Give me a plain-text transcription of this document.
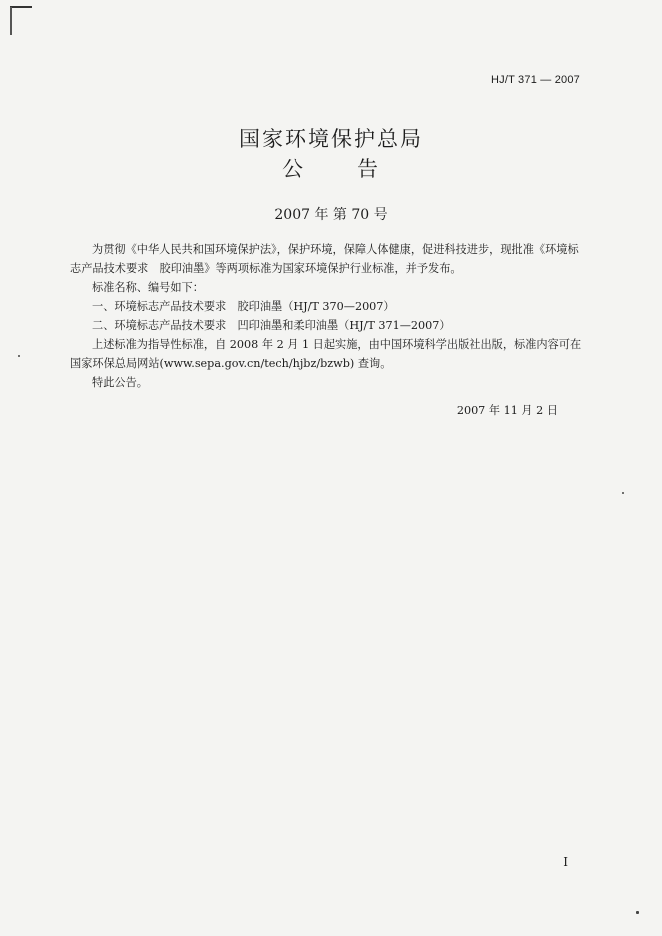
HJ/T 371 — 2007
国家环境保护总局
公 告
2007 年 第 70 号

为贯彻《中华人民共和国环境保护法》，保护环境，保障人体健康，促进科技进步，现批准《环境标志产品技术要求　胶印油墨》等两项标准为国家环境保护行业标准，并予发布。

标准名称、编号如下：

一、环境标志产品技术要求　胶印油墨（HJ/T 370—2007）

二、环境标志产品技术要求　凹印油墨和柔印油墨（HJ/T 371—2007）

上述标准为指导性标准，自 2008 年 2 月 1 日起实施，由中国环境科学出版社出版，标准内容可在国家环保总局网站(www.sepa.gov.cn/tech/hjbz/bzwb) 查询。

特此公告。

2007 年 11 月 2 日
I
